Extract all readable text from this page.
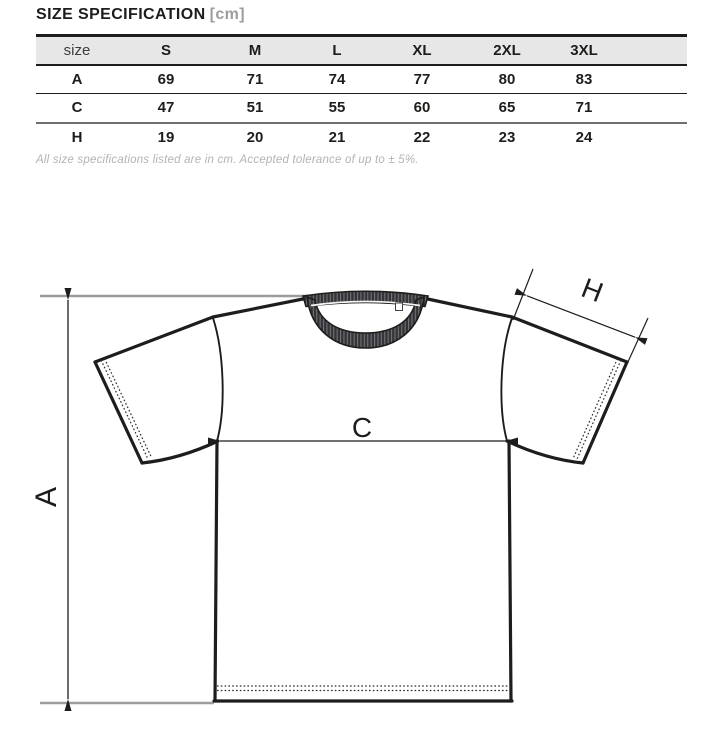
SIZE SPECIFICATION [cm]
size	S	M	L	XL	2XL	3XL	
A	69	71	74	77	80	83	
C	47	51	55	60	65	71	
H	19	20	21	22	23	24	
All size specifications listed are in cm. Accepted tolerance of up to ± 5%.
A
C
H
